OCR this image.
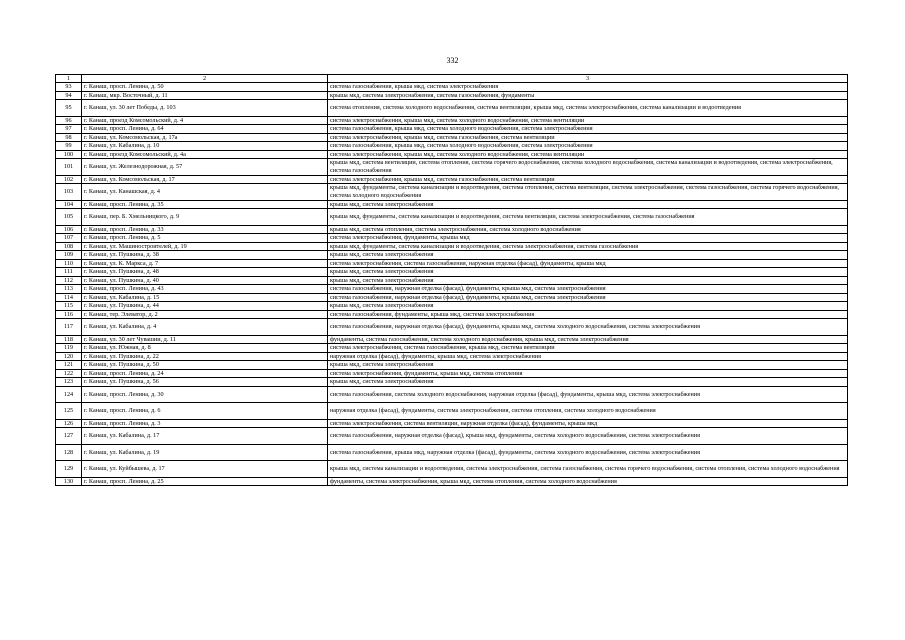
332
1	2	3
93	г. Канаш, просп. Ленина, д. 50	система газоснабжения, крыша мкд, система электроснабжения
94	г. Канаш, мкр. Восточный, д. 11	крыша мкд, система электроснабжения, система газоснабжения, фундаменты
95	г. Канаш, ул. 30 лет Победы, д. 103	система отопления, система холодного водоснабжения, система вентиляции, крыша мкд, система электроснабжения, система канализации и водоотведения
96	г. Канаш, проезд Комсомольский, д. 4	система электроснабжения, крыша мкд, система холодного водоснабжения, система вентиляции
97	г. Канаш, просп. Ленина, д. 64	система газоснабжения, крыша мкд, система холодного водоснабжения, система электроснабжения
98	г. Канаш, ул. Комсомольская, д. 17а	система электроснабжения, крыша мкд, система газоснабжения, система вентиляции
99	г. Канаш, ул. Кабалина, д. 10	система газоснабжения, крыша мкд, система холодного водоснабжения, система электроснабжения
100	г. Канаш, проезд Комсомольский, д. 4а	система электроснабжения, крыша мкд, система холодного водоснабжения, система вентиляции
101	г. Канаш, ул. Железнодорожная, д. 57	крыша мкд, система вентиляции, система отопления, система горячего водоснабжения, система холодного водоснабжения, система канализации и водоотведения, система электроснабжения, система газоснабжения
102	г. Канаш, ул. Комсомольская, д. 17	система электроснабжения, крыша мкд, система газоснабжения, система вентиляции
103	г. Канаш, ул. Канашская, д. 4	крыша мкд, фундаменты, система канализации и водоотведения, система отопления, система вентиляции, система электроснабжения, система газоснабжения, система горячего водоснабжения, система холодного водоснабжения
104	г. Канаш, просп. Ленина, д. 35	крыша мкд, система электроснабжения
105	г. Канаш, пер. Б. Хмельницкого, д. 9	крыша мкд, фундаменты, система канализации и водоотведения, система вентиляции, система электроснабжения, система газоснабжения
106	г. Канаш, просп. Ленина, д. 33	крыша мкд, система отопления, система электроснабжения, система холодного водоснабжения
107	г. Канаш, просп. Ленина, д. 5	система электроснабжения, фундаменты, крыша мкд
108	г. Канаш, ул. Машиностроителей, д. 19	крыша мкд, фундаменты, система канализации и водоотведения, система электроснабжения, система газоснабжения
109	г. Канаш, ул. Пушкина, д. 38	крыша мкд, система электроснабжения
110	г. Канаш, ул. К. Маркса, д. 7	система электроснабжения, система газоснабжения, наружная отделка (фасад), фундаменты, крыша мкд
111	г. Канаш, ул. Пушкина, д. 48	крыша мкд, система электроснабжения
112	г. Канаш, ул. Пушкина, д. 40	крыша мкд, система электроснабжения
113	г. Канаш, просп. Ленина, д. 43	система газоснабжения, наружная отделка (фасад), фундаменты, крыша мкд, система электроснабжения
114	г. Канаш, ул. Кабалина, д. 15	система газоснабжения, наружная отделка (фасад), фундаменты, крыша мкд, система электроснабжения
115	г. Канаш, ул. Пушкина, д. 44	крыша мкд, система электроснабжения
116	г. Канаш, тер. Элеватор, д. 2	система газоснабжения, фундаменты, крыша мкд, система электроснабжения
117	г. Канаш, ул. Кабалина, д. 4	система газоснабжения, наружная отделка (фасад), фундаменты, крыша мкд, система холодного водоснабжения, система электроснабжения
118	г. Канаш, ул. 30 лет Чувашии, д. 11	фундаменты, система газоснабжения, система холодного водоснабжения, крыша мкд, система электроснабжения
119	г. Канаш, ул. Южная, д. 8	система электроснабжения, система газоснабжения, крыша мкд, система вентиляции
120	г. Канаш, ул. Пушкина, д. 22	наружная отделка (фасад), фундаменты, крыша мкд, система электроснабжения
121	г. Канаш, ул. Пушкина, д. 50	крыша мкд, система электроснабжения
122	г. Канаш, просп. Ленина, д. 24	система электроснабжения, фундаменты, крыша мкд, система отопления
123	г. Канаш, ул. Пушкина, д. 56	крыша мкд, система электроснабжения
124	г. Канаш, просп. Ленина, д. 30	система газоснабжения, система холодного водоснабжения, наружная отделка (фасад), фундаменты, крыша мкд, система электроснабжения
125	г. Канаш, просп. Ленина, д. 6	наружная отделка (фасад), фундаменты, система электроснабжения, система отопления, система холодного водоснабжения
126	г. Канаш, просп. Ленина, д. 3	система электроснабжения, система вентиляции, наружная отделка (фасад), фундаменты, крыша мкд
127	г. Канаш, ул. Кабалина, д. 17	система газоснабжения, наружная отделка (фасад), крыша мкд, фундаменты, система холодного водоснабжения, система электроснабжения
128	г. Канаш, ул. Кабалина, д. 19	система газоснабжения, крыша мкд, наружная отделка (фасад), фундаменты, система холодного водоснабжения, система электроснабжения
129	г. Канаш, ул. Куйбышева, д. 17	крыша мкд, система канализации и водоотведения, система электроснабжения, система газоснабжения, система горячего водоснабжения, система отопления, система холодного водоснабжения
130	г. Канаш, просп. Ленина, д. 25	фундаменты, система электроснабжения, крыша мкд, система отопления, система холодного водоснабжения
